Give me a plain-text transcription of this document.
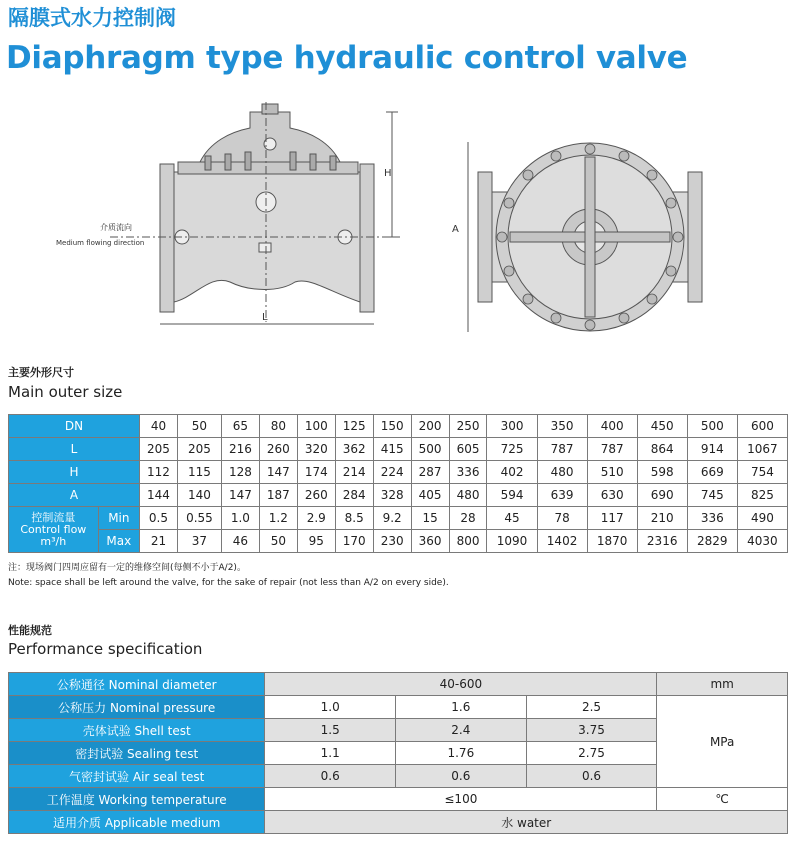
隔膜式水力控制阀
Diaphragm type hydraulic control valve
L
H
介质流向
Medium flowing direction
A
主要外形尺寸
Main outer size
DN		40	50	65	80	100	125	150	200	250	300	350	400	450	500	600
L		205	205	216	260	320	362	415	500	605	725	787	787	864	914	1067
H		112	115	128	147	174	214	224	287	336	402	480	510	598	669	754
A		144	140	147	187	260	284	328	405	480	594	639	630	690	745	825

控制流量
Control flow
m³/h	Min	0.5	0.55	1.0	1.2	2.9	8.5	9.2	15	28	45	78	117	210	336	490
	Max	21	37	46	50	95	170	230	360	800	1090	1402	1870	2316	2829	4030
注：现场阀门四周应留有一定的维修空间(每侧不小于A/2)。
Note: space shall be left around the valve, for the sake of repair (not less than A/2 on every side).
性能规范
Performance specification
公称通径 Nominal diameter	40-600			mm
公称压力 Nominal pressure	1.0	1.6	2.5	MPa
壳体试验 Shell test	1.5	2.4	3.75	
密封试验 Sealing test	1.1	1.76	2.75	
气密封试验 Air seal test	0.6	0.6	0.6	
工作温度 Working temperature	≤100			℃
适用介质 Applicable medium	水 water			
